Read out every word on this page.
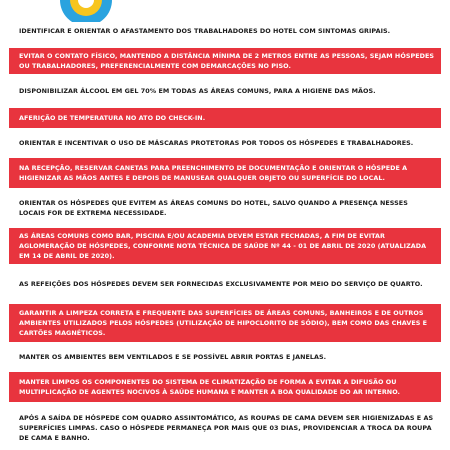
IDENTIFICAR E ORIENTAR O AFASTAMENTO DOS TRABALHADORES DO HOTEL COM SINTOMAS GRIPAIS.
EVITAR O CONTATO FÍSICO, MANTENDO A DISTÂNCIA MÍNIMA DE 2 METROS ENTRE AS PESSOAS, SEJAM HÓSPEDES OU TRABALHADORES, PREFERENCIALMENTE COM DEMARCAÇÕES NO PISO.
DISPONIBILIZAR ÁLCOOL EM GEL 70% EM TODAS AS ÁREAS COMUNS, PARA A HIGIENE DAS MÃOS.
AFERIÇÃO DE TEMPERATURA NO ATO DO CHECK-IN.
ORIENTAR E INCENTIVAR O USO DE MÁSCARAS PROTETORAS POR TODOS OS HÓSPEDES E TRABALHADORES.
NA RECEPÇÃO, RESERVAR CANETAS PARA PREENCHIMENTO DE DOCUMENTAÇÃO E ORIENTAR O HÓSPEDE A HIGIENIZAR AS MÃOS ANTES E DEPOIS DE MANUSEAR QUALQUER OBJETO OU SUPERFÍCIE DO LOCAL.
ORIENTAR OS HÓSPEDES QUE EVITEM AS ÁREAS COMUNS DO HOTEL, SALVO QUANDO A PRESENÇA NESSES LOCAIS FOR DE EXTREMA NECESSIDADE.
AS ÁREAS COMUNS COMO BAR, PISCINA E/OU ACADEMIA DEVEM ESTAR FECHADAS, A FIM DE EVITAR AGLOMERAÇÃO DE HÓSPEDES, CONFORME NOTA TÉCNICA DE SAÚDE Nº 44 - 01 DE ABRIL DE 2020 (ATUALIZADA EM 14 DE ABRIL DE 2020).
AS REFEIÇÕES DOS HÓSPEDES DEVEM SER FORNECIDAS EXCLUSIVAMENTE POR MEIO DO SERVIÇO DE QUARTO.
GARANTIR A LIMPEZA CORRETA E FREQUENTE DAS SUPERFÍCIES DE ÁREAS COMUNS, BANHEIROS E DE OUTROS AMBIENTES UTILIZADOS PELOS HÓSPEDES (UTILIZAÇÃO DE HIPOCLORITO DE SÓDIO), BEM COMO DAS CHAVES E CARTÕES MAGNÉTICOS.
MANTER OS AMBIENTES BEM VENTILADOS E SE POSSÍVEL ABRIR PORTAS E JANELAS.
MANTER LIMPOS OS COMPONENTES DO SISTEMA DE CLIMATIZAÇÃO DE FORMA A EVITAR A DIFUSÃO OU MULTIPLICAÇÃO DE AGENTES NOCIVOS À SAÚDE HUMANA E MANTER A BOA QUALIDADE DO AR INTERNO.
APÓS A SAÍDA DE HÓSPEDE COM QUADRO ASSINTOMÁTICO, AS ROUPAS DE CAMA DEVEM SER HIGIENIZADAS E AS SUPERFÍCIES LIMPAS. CASO O HÓSPEDE PERMANEÇA POR MAIS QUE 03 DIAS, PROVIDENCIAR A TROCA DA ROUPA DE CAMA E BANHO.
